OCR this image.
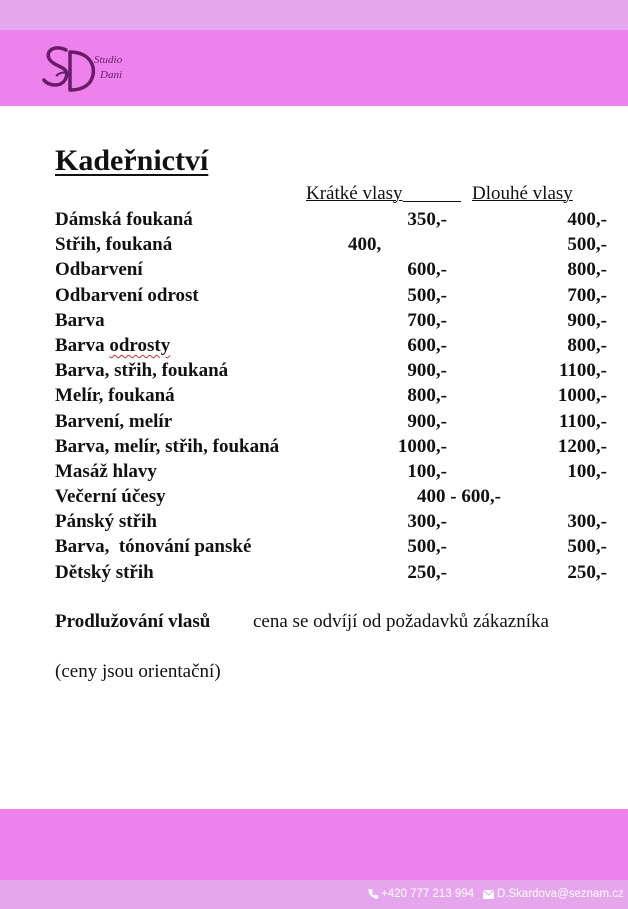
Studio
Dani
Kadeřnictví
Krátké vlasy	Dlouhé vlasy
Dámská foukaná	350,-	400,-
Střih, foukaná	400,	500,-
Odbarvení	600,-	800,-
Odbarvení odrost	500,-	700,-
Barva	700,-	900,-
Barva odrosty	600,-	800,-
Barva, střih, foukaná	900,-	1100,-
Melír, foukaná	800,-	1000,-
Barvení, melír	900,-	1100,-
Barva, melír, střih, foukaná	1000,-	1200,-
Masáž hlavy	100,-	100,-
Večerní účesy	400 - 600,-
Pánský střih	300,-	300,-
Barva,  tónování panské	500,-	500,-
Dětský střih	250,-	250,-
Prodlužování vlasů cena se odvíjí od požadavků zákazníka
(ceny jsou orientační)
+420 777 213 994	D.Skardova@seznam.cz
